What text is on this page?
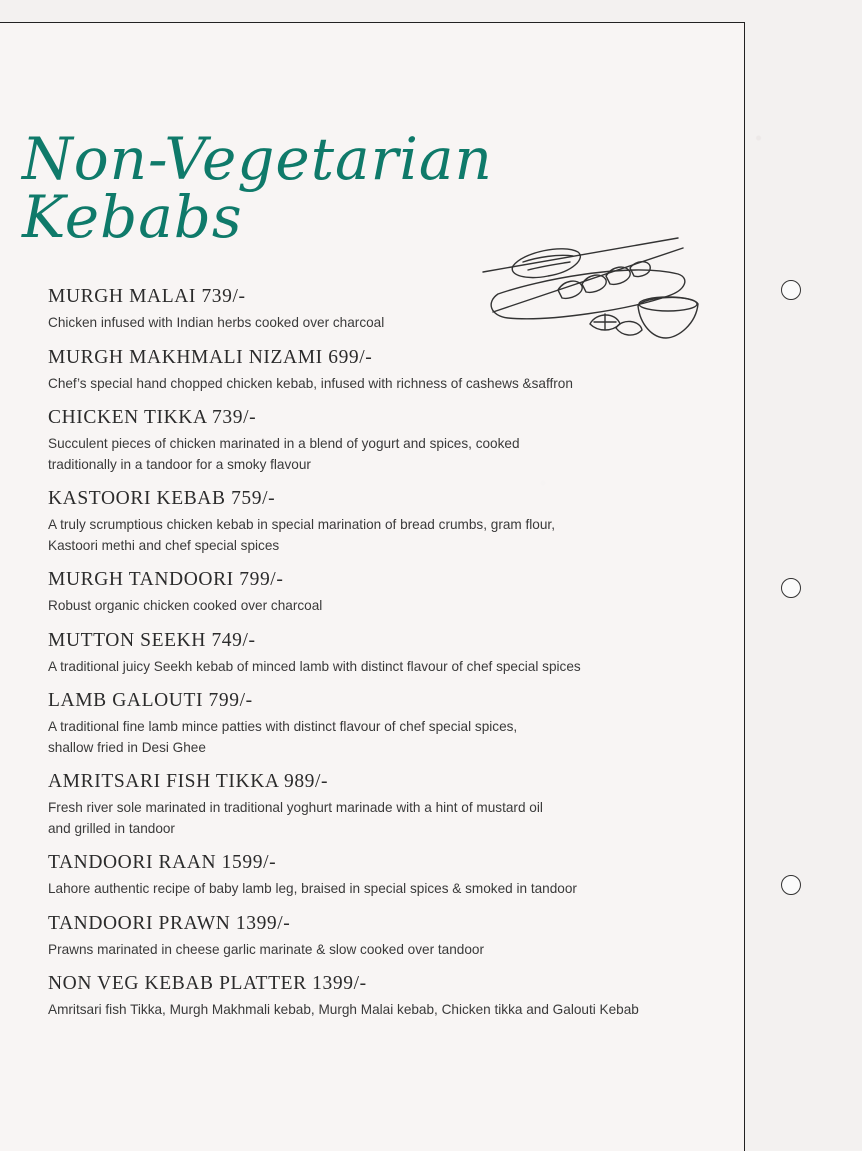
Non-Vegetarian Kebabs
MURGH MALAI 739/-
Chicken infused with Indian herbs cooked over charcoal
MURGH MAKHMALI NIZAMI 699/-
Chef’s special hand chopped chicken kebab, infused with richness of cashews &saffron
CHICKEN TIKKA 739/-
Succulent pieces of chicken marinated in a blend of yogurt and spices, cooked
traditionally in a tandoor for a smoky flavour
KASTOORI KEBAB 759/-
A truly scrumptious chicken kebab in special marination of bread crumbs, gram flour,
Kastoori methi and chef special spices
MURGH TANDOORI 799/-
Robust organic chicken cooked over charcoal
MUTTON SEEKH 749/-
A traditional juicy Seekh kebab of minced lamb with distinct flavour of chef special spices
LAMB GALOUTI 799/-
A traditional fine lamb mince patties with distinct flavour of chef special spices,
shallow fried in Desi Ghee
AMRITSARI FISH TIKKA 989/-
Fresh river sole marinated in traditional yoghurt marinade with a hint of mustard oil
and grilled in tandoor
TANDOORI RAAN 1599/-
Lahore authentic recipe of baby lamb leg, braised in special spices & smoked in tandoor
TANDOORI PRAWN 1399/-
Prawns marinated in cheese garlic marinate & slow cooked over tandoor
NON VEG KEBAB PLATTER 1399/-
Amritsari fish Tikka, Murgh Makhmali kebab, Murgh Malai kebab, Chicken tikka and Galouti Kebab
